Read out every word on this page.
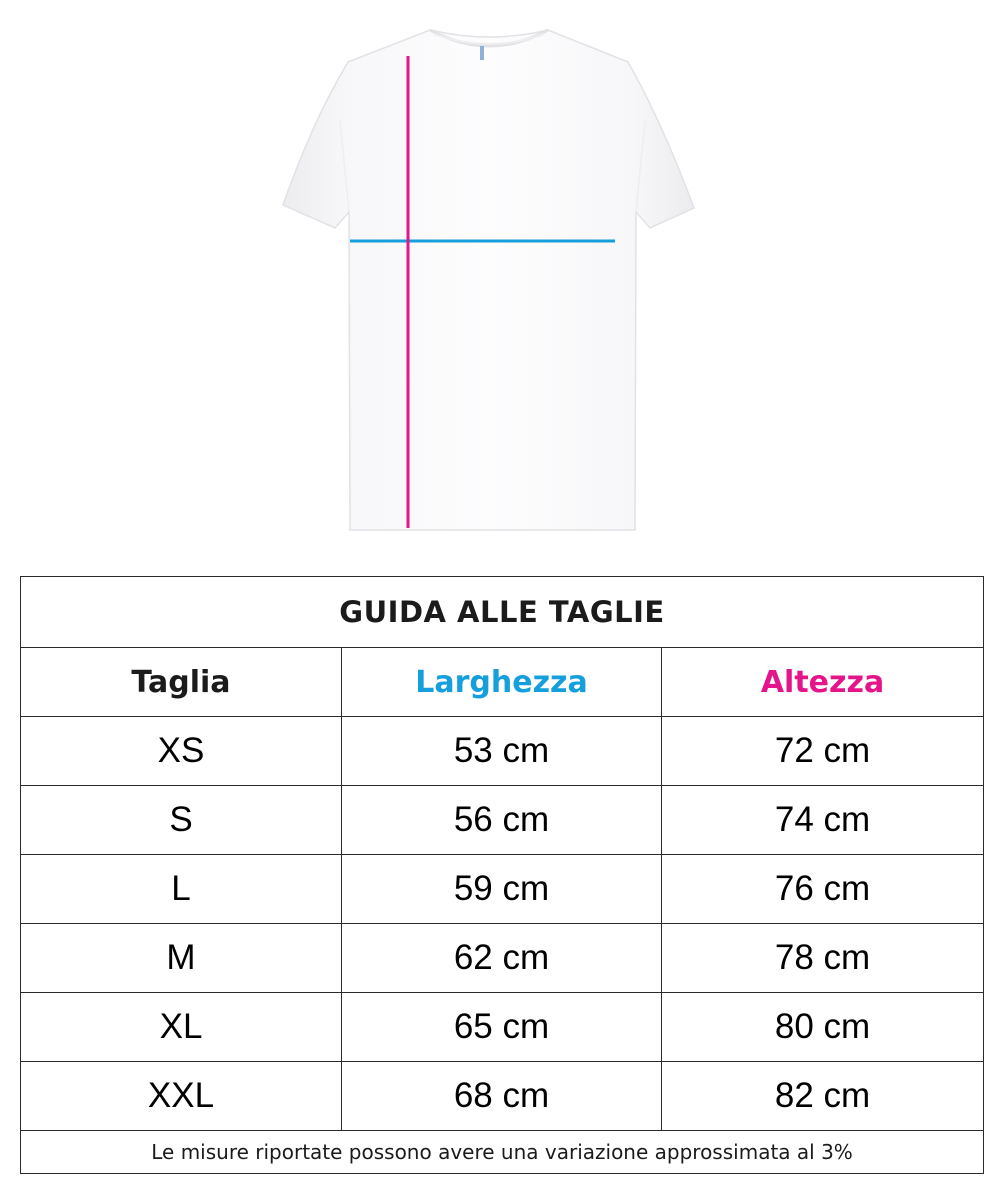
GUIDA ALLE TAGLIE		
Taglia	Larghezza	Altezza
XS	53 cm	72 cm
S	56 cm	74 cm
L	59 cm	76 cm
M	62 cm	78 cm
XL	65 cm	80 cm
XXL	68 cm	82 cm
Le misure riportate possono avere una variazione approssimata al 3%		
